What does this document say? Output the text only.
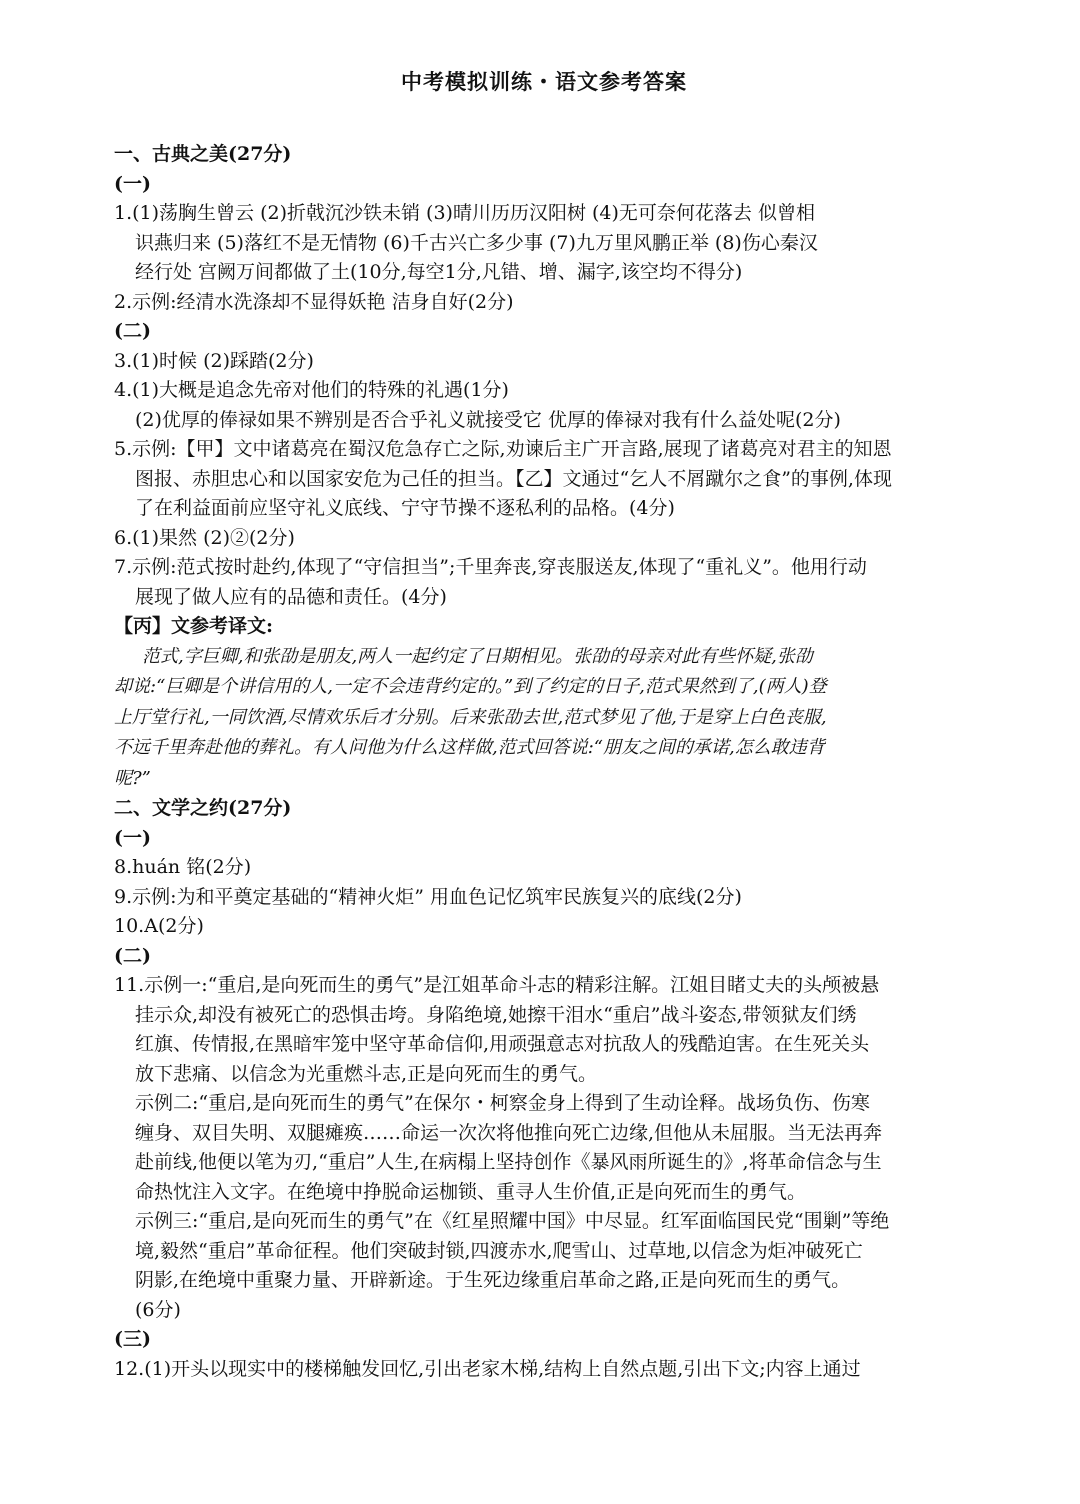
中考模拟训练・语文参考答案
一、古典之美(27分)
(一)
1.(1)荡胸生曾云 (2)折戟沉沙铁未销 (3)晴川历历汉阳树 (4)无可奈何花落去 似曾相
识燕归来 (5)落红不是无情物 (6)千古兴亡多少事 (7)九万里风鹏正举 (8)伤心秦汉
经行处 宫阙万间都做了土(10分,每空1分,凡错、增、漏字,该空均不得分)
2.示例:经清水洗涤却不显得妖艳 洁身自好(2分)
(二)
3.(1)时候 (2)踩踏(2分)
4.(1)大概是追念先帝对他们的特殊的礼遇(1分)
(2)优厚的俸禄如果不辨别是否合乎礼义就接受它 优厚的俸禄对我有什么益处呢(2分)
5.示例:【甲】文中诸葛亮在蜀汉危急存亡之际,劝谏后主广开言路,展现了诸葛亮对君主的知恩
图报、赤胆忠心和以国家安危为己任的担当。【乙】文通过“乞人不屑蹴尔之食”的事例,体现
了在利益面前应坚守礼义底线、宁守节操不逐私利的品格。(4分)
6.(1)果然 (2)②(2分)
7.示例:范式按时赴约,体现了“守信担当”;千里奔丧,穿丧服送友,体现了“重礼义”。他用行动
展现了做人应有的品德和责任。(4分)
【丙】文参考译文:
范式,字巨卿,和张劭是朋友,两人一起约定了日期相见。张劭的母亲对此有些怀疑,张劭
却说:“巨卿是个讲信用的人,一定不会违背约定的。”到了约定的日子,范式果然到了,(两人)登
上厅堂行礼,一同饮酒,尽情欢乐后才分别。后来张劭去世,范式梦见了他,于是穿上白色丧服,
不远千里奔赴他的葬礼。有人问他为什么这样做,范式回答说:“朋友之间的承诺,怎么敢违背
呢?”
二、文学之约(27分)
(一)
8.huán 铭(2分)
9.示例:为和平奠定基础的“精神火炬” 用血色记忆筑牢民族复兴的底线(2分)
10.A(2分)
(二)
11.示例一:“重启,是向死而生的勇气”是江姐革命斗志的精彩注解。江姐目睹丈夫的头颅被悬
挂示众,却没有被死亡的恐惧击垮。身陷绝境,她擦干泪水“重启”战斗姿态,带领狱友们绣
红旗、传情报,在黑暗牢笼中坚守革命信仰,用顽强意志对抗敌人的残酷迫害。在生死关头
放下悲痛、以信念为光重燃斗志,正是向死而生的勇气。
示例二:“重启,是向死而生的勇气”在保尔・柯察金身上得到了生动诠释。战场负伤、伤寒
缠身、双目失明、双腿瘫痪……命运一次次将他推向死亡边缘,但他从未屈服。当无法再奔
赴前线,他便以笔为刃,“重启”人生,在病榻上坚持创作《暴风雨所诞生的》,将革命信念与生
命热忱注入文字。在绝境中挣脱命运枷锁、重寻人生价值,正是向死而生的勇气。
示例三:“重启,是向死而生的勇气”在《红星照耀中国》中尽显。红军面临国民党“围剿”等绝
境,毅然“重启”革命征程。他们突破封锁,四渡赤水,爬雪山、过草地,以信念为炬冲破死亡
阴影,在绝境中重聚力量、开辟新途。于生死边缘重启革命之路,正是向死而生的勇气。
(6分)
(三)
12.(1)开头以现实中的楼梯触发回忆,引出老家木梯,结构上自然点题,引出下文;内容上通过
